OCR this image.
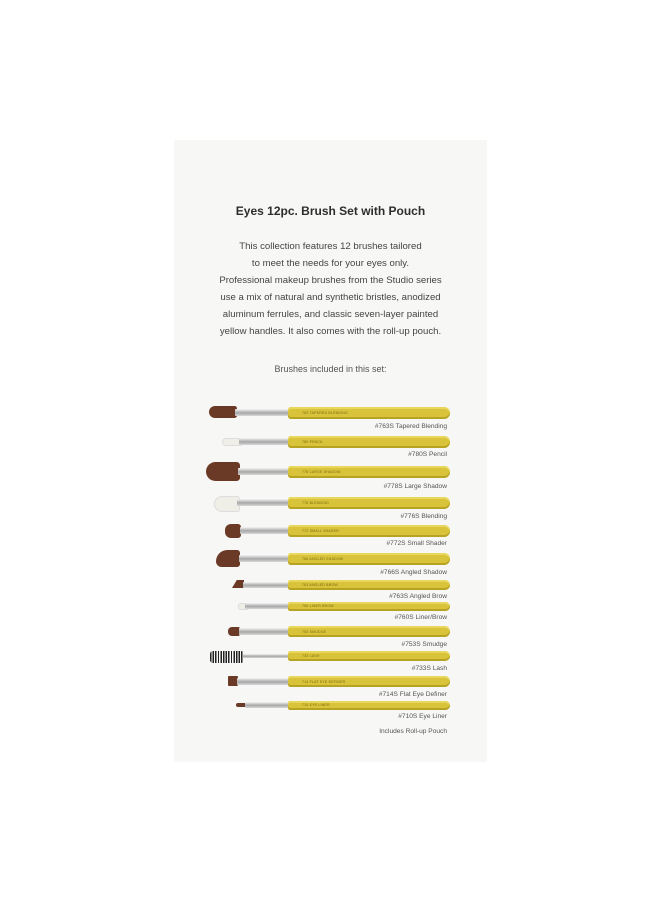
Eyes 12pc. Brush Set with Pouch
This collection features 12 brushes tailored
to meet the needs for your eyes only.
Professional makeup brushes from the Studio series
use a mix of natural and synthetic bristles, anodized
aluminum ferrules, and classic seven-layer painted
yellow handles. It also comes with the roll-up pouch.
Brushes included in this set:
763 TAPERED BLENDING
#763S Tapered Blending
780 PENCIL
#780S Pencil
778 LARGE SHADOW
#778S Large Shadow
776 BLENDING
#776S Blending
772 SMALL SHADER
#772S Small Shader
766 ANGLED SHADOW
#766S Angled Shadow
763 ANGLED BROW
#763S Angled Brow
760 LINER BROW
#760S Liner/Brow
753 SMUDGE
#753S Smudge
733 LASH
#733S Lash
714 FLAT EYE DEFINER
#714S Flat Eye Definer
710 EYE LINER
#710S Eye Liner
Includes Roll-up Pouch
